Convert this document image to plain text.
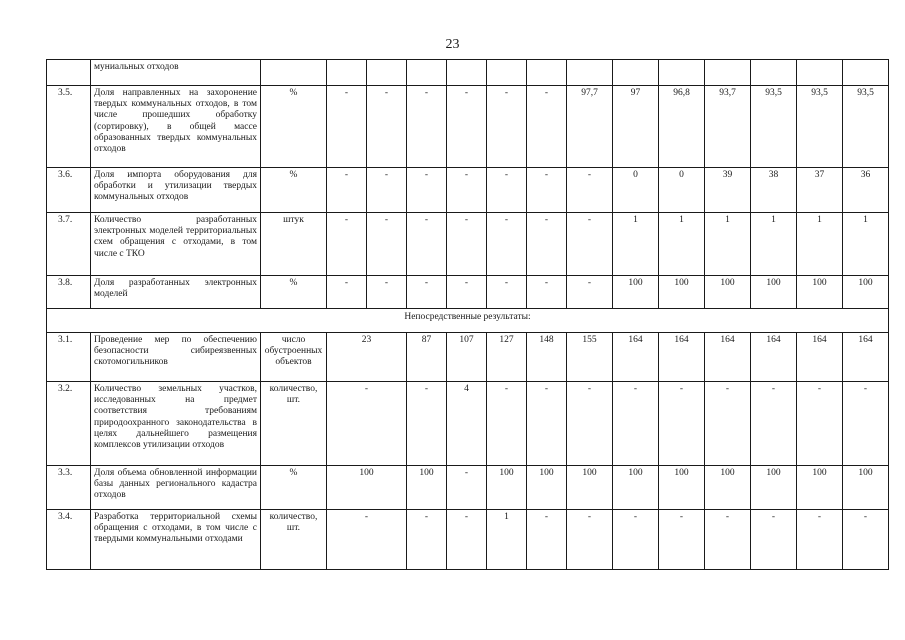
23
	муниальных отходов														
3.5.	Доля направленных на захоронение твердых коммунальных отходов, в том числе прошедших обработку (сортировку), в общей массе образованных твердых коммунальных отходов	%	-	-	-	-	-	-	97,7	97	96,8	93,7	93,5	93,5	93,5
3.6.	Доля импорта оборудования для обработки и утилизации твердых коммунальных отходов	%	-	-	-	-	-	-	-	0	0	39	38	37	36
3.7.	Количество разработанных электронных моделей территориальных схем обращения с отходами, в том числе с ТКО	штук	-	-	-	-	-	-	-	1	1	1	1	1	1
3.8.	Доля разработанных электронных моделей	%	-	-	-	-	-	-	-	100	100	100	100	100	100
Непосредственные результаты:															
3.1.	Проведение мер по обеспечению безопасности сибиреязвенных скотомогильников	число обустроенных объектов	23		87	107	127	148	155	164	164	164	164	164	164
3.2.	Количество земельных участков, исследованных на предмет соответствия требованиям природоохранного законодательства в целях дальнейшего размещения комплексов утилизации отходов	количество, шт.	-		-	4	-	-	-	-	-	-	-	-	-
3.3.	Доля объема обновленной информации базы данных регионального кадастра отходов	%	100		100	-	100	100	100	100	100	100	100	100	100
3.4.	Разработка территориальной схемы обращения с отходами, в том числе с твердыми коммунальными отходами	количество, шт.	-		-	-	1	-	-	-	-	-	-	-	-
